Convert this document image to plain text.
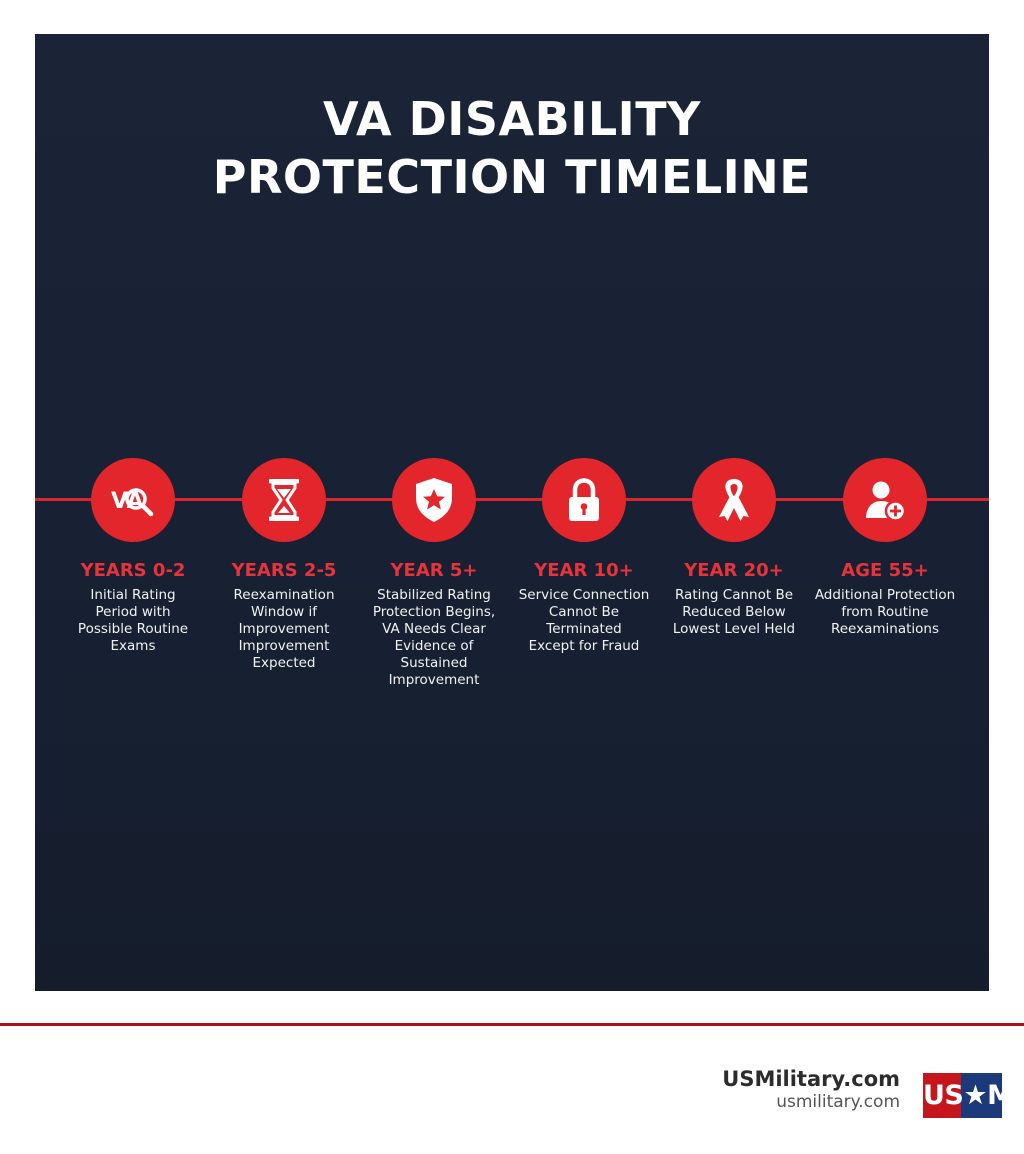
VA DISABILITY
PROTECTION TIMELINE
VA
YEARS 0-2
Initial Rating
Period with
Possible Routine
Exams
YEARS 2-5
Reexamination
Window if
Improvement
Improvement
Expected
YEAR 5+
Stabilized Rating
Protection Begins,
VA Needs Clear
Evidence of
Sustained
Improvement
YEAR 10+
Service Connection
Cannot Be
Terminated
Except for Fraud
YEAR 20+
Rating Cannot Be
Reduced Below
Lowest Level Held
AGE 55+
Additional Protection
from Routine
Reexaminations
USMilitary.com
usmilitary.com US★M
